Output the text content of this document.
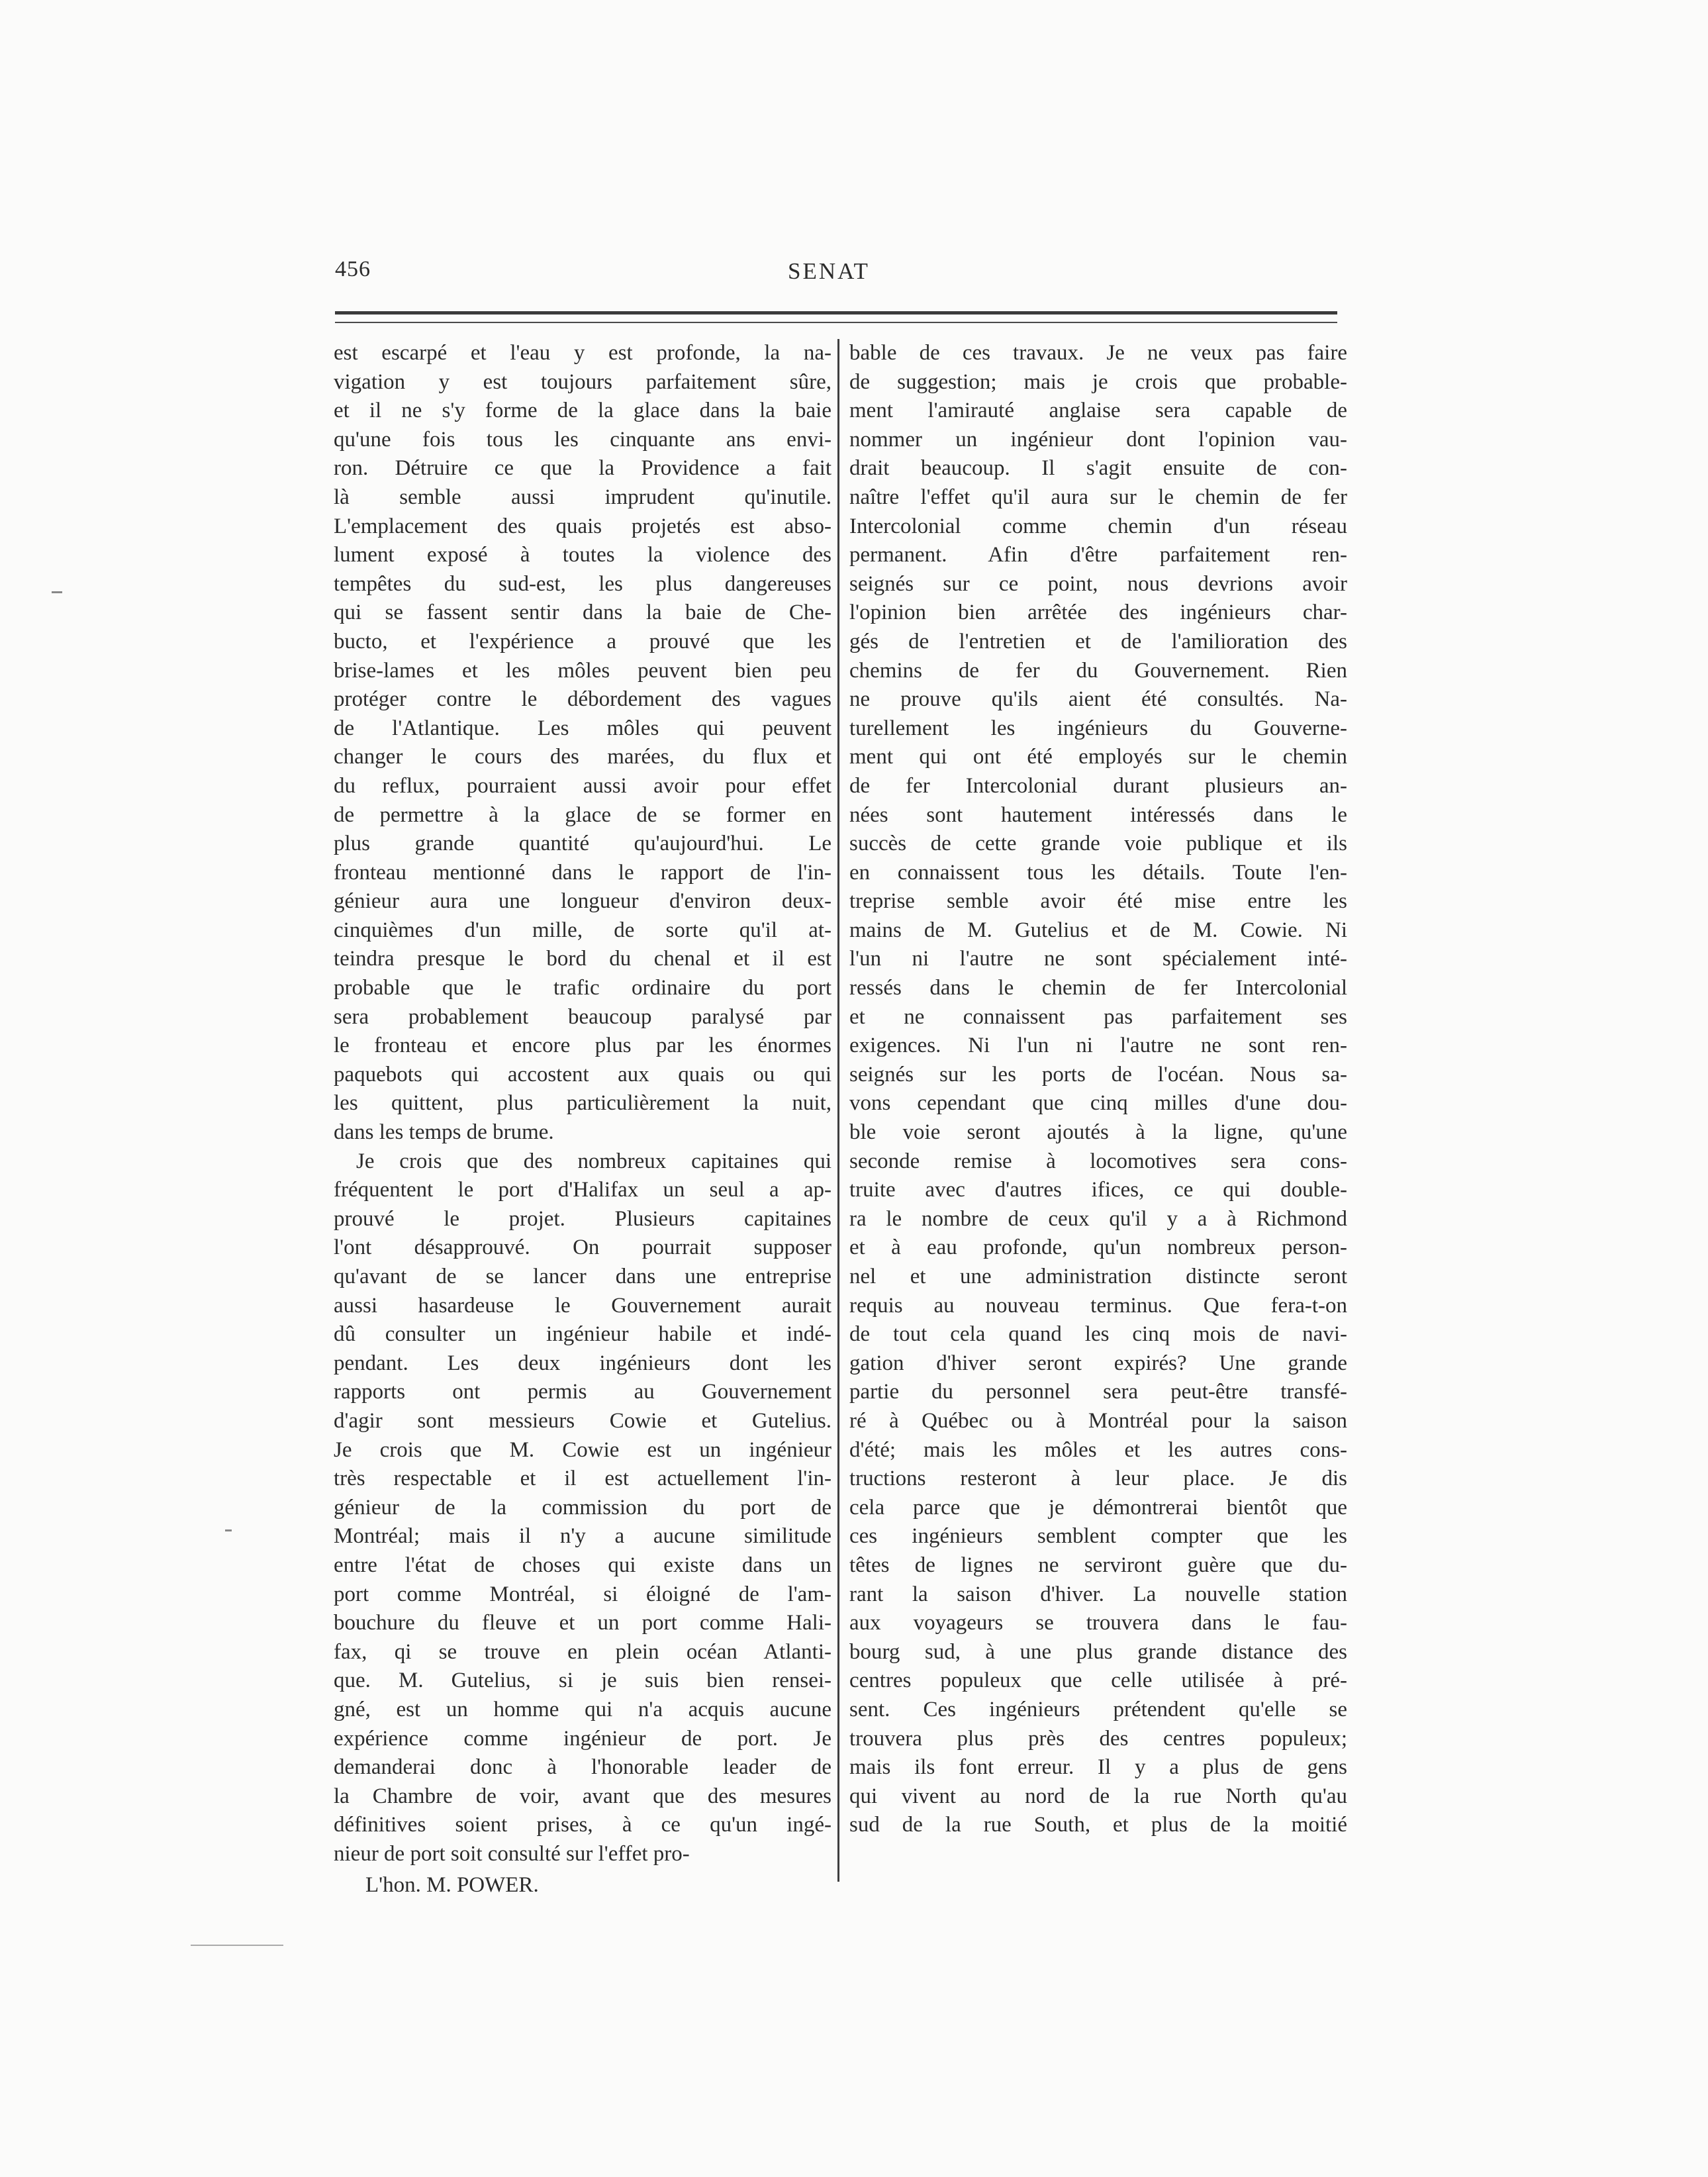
456	SENAT
est escarpé et l'eau y est profonde, la na-
vigation y est toujours parfaitement sûre,
et il ne s'y forme de la glace dans la baie
qu'une fois tous les cinquante ans envi-
ron. Détruire ce que la Providence a fait
là semble aussi imprudent qu'inutile.
L'emplacement des quais projetés est abso-
lument exposé à toutes la violence des
tempêtes du sud-est, les plus dangereuses
qui se fassent sentir dans la baie de Che-
bucto, et l'expérience a prouvé que les
brise-lames et les môles peuvent bien peu
protéger contre le débordement des vagues
de l'Atlantique. Les môles qui peuvent
changer le cours des marées, du flux et
du reflux, pourraient aussi avoir pour effet
de permettre à la glace de se former en
plus grande quantité qu'aujourd'hui. Le
fronteau mentionné dans le rapport de l'in-
génieur aura une longueur d'environ deux-
cinquièmes d'un mille, de sorte qu'il at-
teindra presque le bord du chenal et il est
probable que le trafic ordinaire du port
sera probablement beaucoup paralysé par
le fronteau et encore plus par les énormes
paquebots qui accostent aux quais ou qui
les quittent, plus particulièrement la nuit,
dans les temps de brume.
Je crois que des nombreux capitaines qui
fréquentent le port d'Halifax un seul a ap-
prouvé le projet. Plusieurs capitaines
l'ont désapprouvé. On pourrait supposer
qu'avant de se lancer dans une entreprise
aussi hasardeuse le Gouvernement aurait
dû consulter un ingénieur habile et indé-
pendant. Les deux ingénieurs dont les
rapports ont permis au Gouvernement
d'agir sont messieurs Cowie et Gutelius.
Je crois que M. Cowie est un ingénieur
très respectable et il est actuellement l'in-
génieur de la commission du port de
Montréal; mais il n'y a aucune similitude
entre l'état de choses qui existe dans un
port comme Montréal, si éloigné de l'am-
bouchure du fleuve et un port comme Hali-
fax, qi se trouve en plein océan Atlanti-
que. M. Gutelius, si je suis bien rensei-
gné, est un homme qui n'a acquis aucune
expérience comme ingénieur de port. Je
demanderai donc à l'honorable leader de
la Chambre de voir, avant que des mesures
définitives soient prises, à ce qu'un ingé-
nieur de port soit consulté sur l'effet pro-
bable de ces travaux. Je ne veux pas faire
de suggestion; mais je crois que probable-
ment l'amirauté anglaise sera capable de
nommer un ingénieur dont l'opinion vau-
drait beaucoup. Il s'agit ensuite de con-
naître l'effet qu'il aura sur le chemin de fer
Intercolonial comme chemin d'un réseau
permanent. Afin d'être parfaitement ren-
seignés sur ce point, nous devrions avoir
l'opinion bien arrêtée des ingénieurs char-
gés de l'entretien et de l'amilioration des
chemins de fer du Gouvernement. Rien
ne prouve qu'ils aient été consultés. Na-
turellement les ingénieurs du Gouverne-
ment qui ont été employés sur le chemin
de fer Intercolonial durant plusieurs an-
nées sont hautement intéressés dans le
succès de cette grande voie publique et ils
en connaissent tous les détails. Toute l'en-
treprise semble avoir été mise entre les
mains de M. Gutelius et de M. Cowie. Ni
l'un ni l'autre ne sont spécialement inté-
ressés dans le chemin de fer Intercolonial
et ne connaissent pas parfaitement ses
exigences. Ni l'un ni l'autre ne sont ren-
seignés sur les ports de l'océan. Nous sa-
vons cependant que cinq milles d'une dou-
ble voie seront ajoutés à la ligne, qu'une
seconde remise à locomotives sera cons-
truite avec d'autres ifices, ce qui double-
ra le nombre de ceux qu'il y a à Richmond
et à eau profonde, qu'un nombreux person-
nel et une administration distincte seront
requis au nouveau terminus. Que fera-t-on
de tout cela quand les cinq mois de navi-
gation d'hiver seront expirés? Une grande
partie du personnel sera peut-être transfé-
ré à Québec ou à Montréal pour la saison
d'été; mais les môles et les autres cons-
tructions resteront à leur place. Je dis
cela parce que je démontrerai bientôt que
ces ingénieurs semblent compter que les
têtes de lignes ne serviront guère que du-
rant la saison d'hiver. La nouvelle station
aux voyageurs se trouvera dans le fau-
bourg sud, à une plus grande distance des
centres populeux que celle utilisée à pré-
sent. Ces ingénieurs prétendent qu'elle se
trouvera plus près des centres populeux;
mais ils font erreur. Il y a plus de gens
qui vivent au nord de la rue North qu'au
sud de la rue South, et plus de la moitié
L'hon. M. POWER.
